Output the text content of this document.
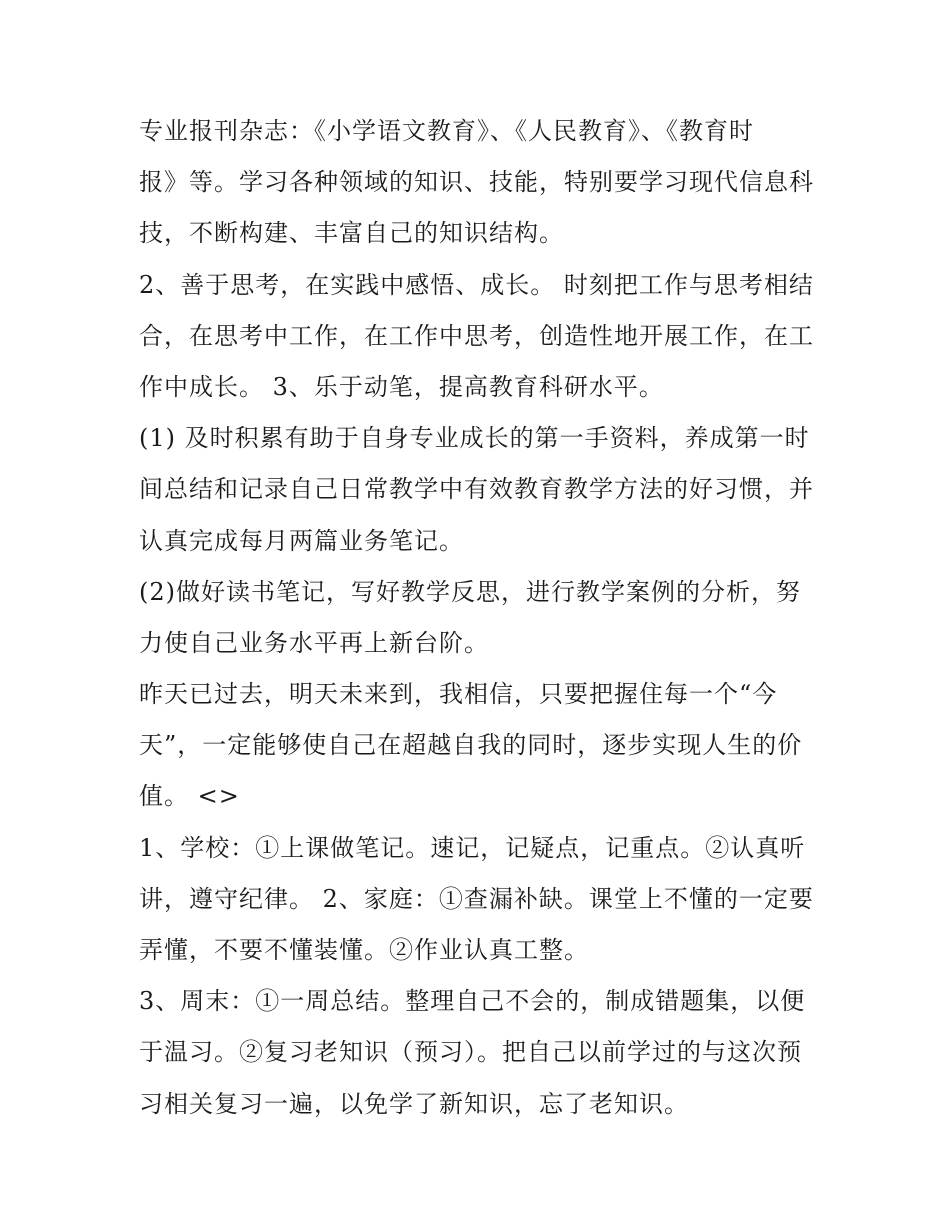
专业报刊杂志：《小学语文教育》、《人民教育》、《教育时
报》等。学习各种领域的知识、技能，特别要学习现代信息科
技，不断构建、丰富自己的知识结构。

2、善于思考，在实践中感悟、成长。 时刻把工作与思考相结
合，在思考中工作，在工作中思考，创造性地开展工作，在工
作中成长。 3、乐于动笔，提高教育科研水平。

(1) 及时积累有助于自身专业成长的第一手资料，养成第一时
间总结和记录自己日常教学中有效教育教学方法的好习惯，并
认真完成每月两篇业务笔记。

(2)做好读书笔记，写好教学反思，进行教学案例的分析，努
力使自己业务水平再上新台阶。

昨天已过去，明天未来到，我相信，只要把握住每一个“今
天”，一定能够使自己在超越自我的同时，逐步实现人生的价
值。 <>

1、学校：①上课做笔记。速记，记疑点，记重点。②认真听
讲，遵守纪律。 2、家庭：①查漏补缺。课堂上不懂的一定要
弄懂，不要不懂装懂。②作业认真工整。

3、周末：①一周总结。整理自己不会的，制成错题集，以便
于温习。②复习老知识（预习）。把自己以前学过的与这次预
习相关复习一遍，以免学了新知识，忘了老知识。
